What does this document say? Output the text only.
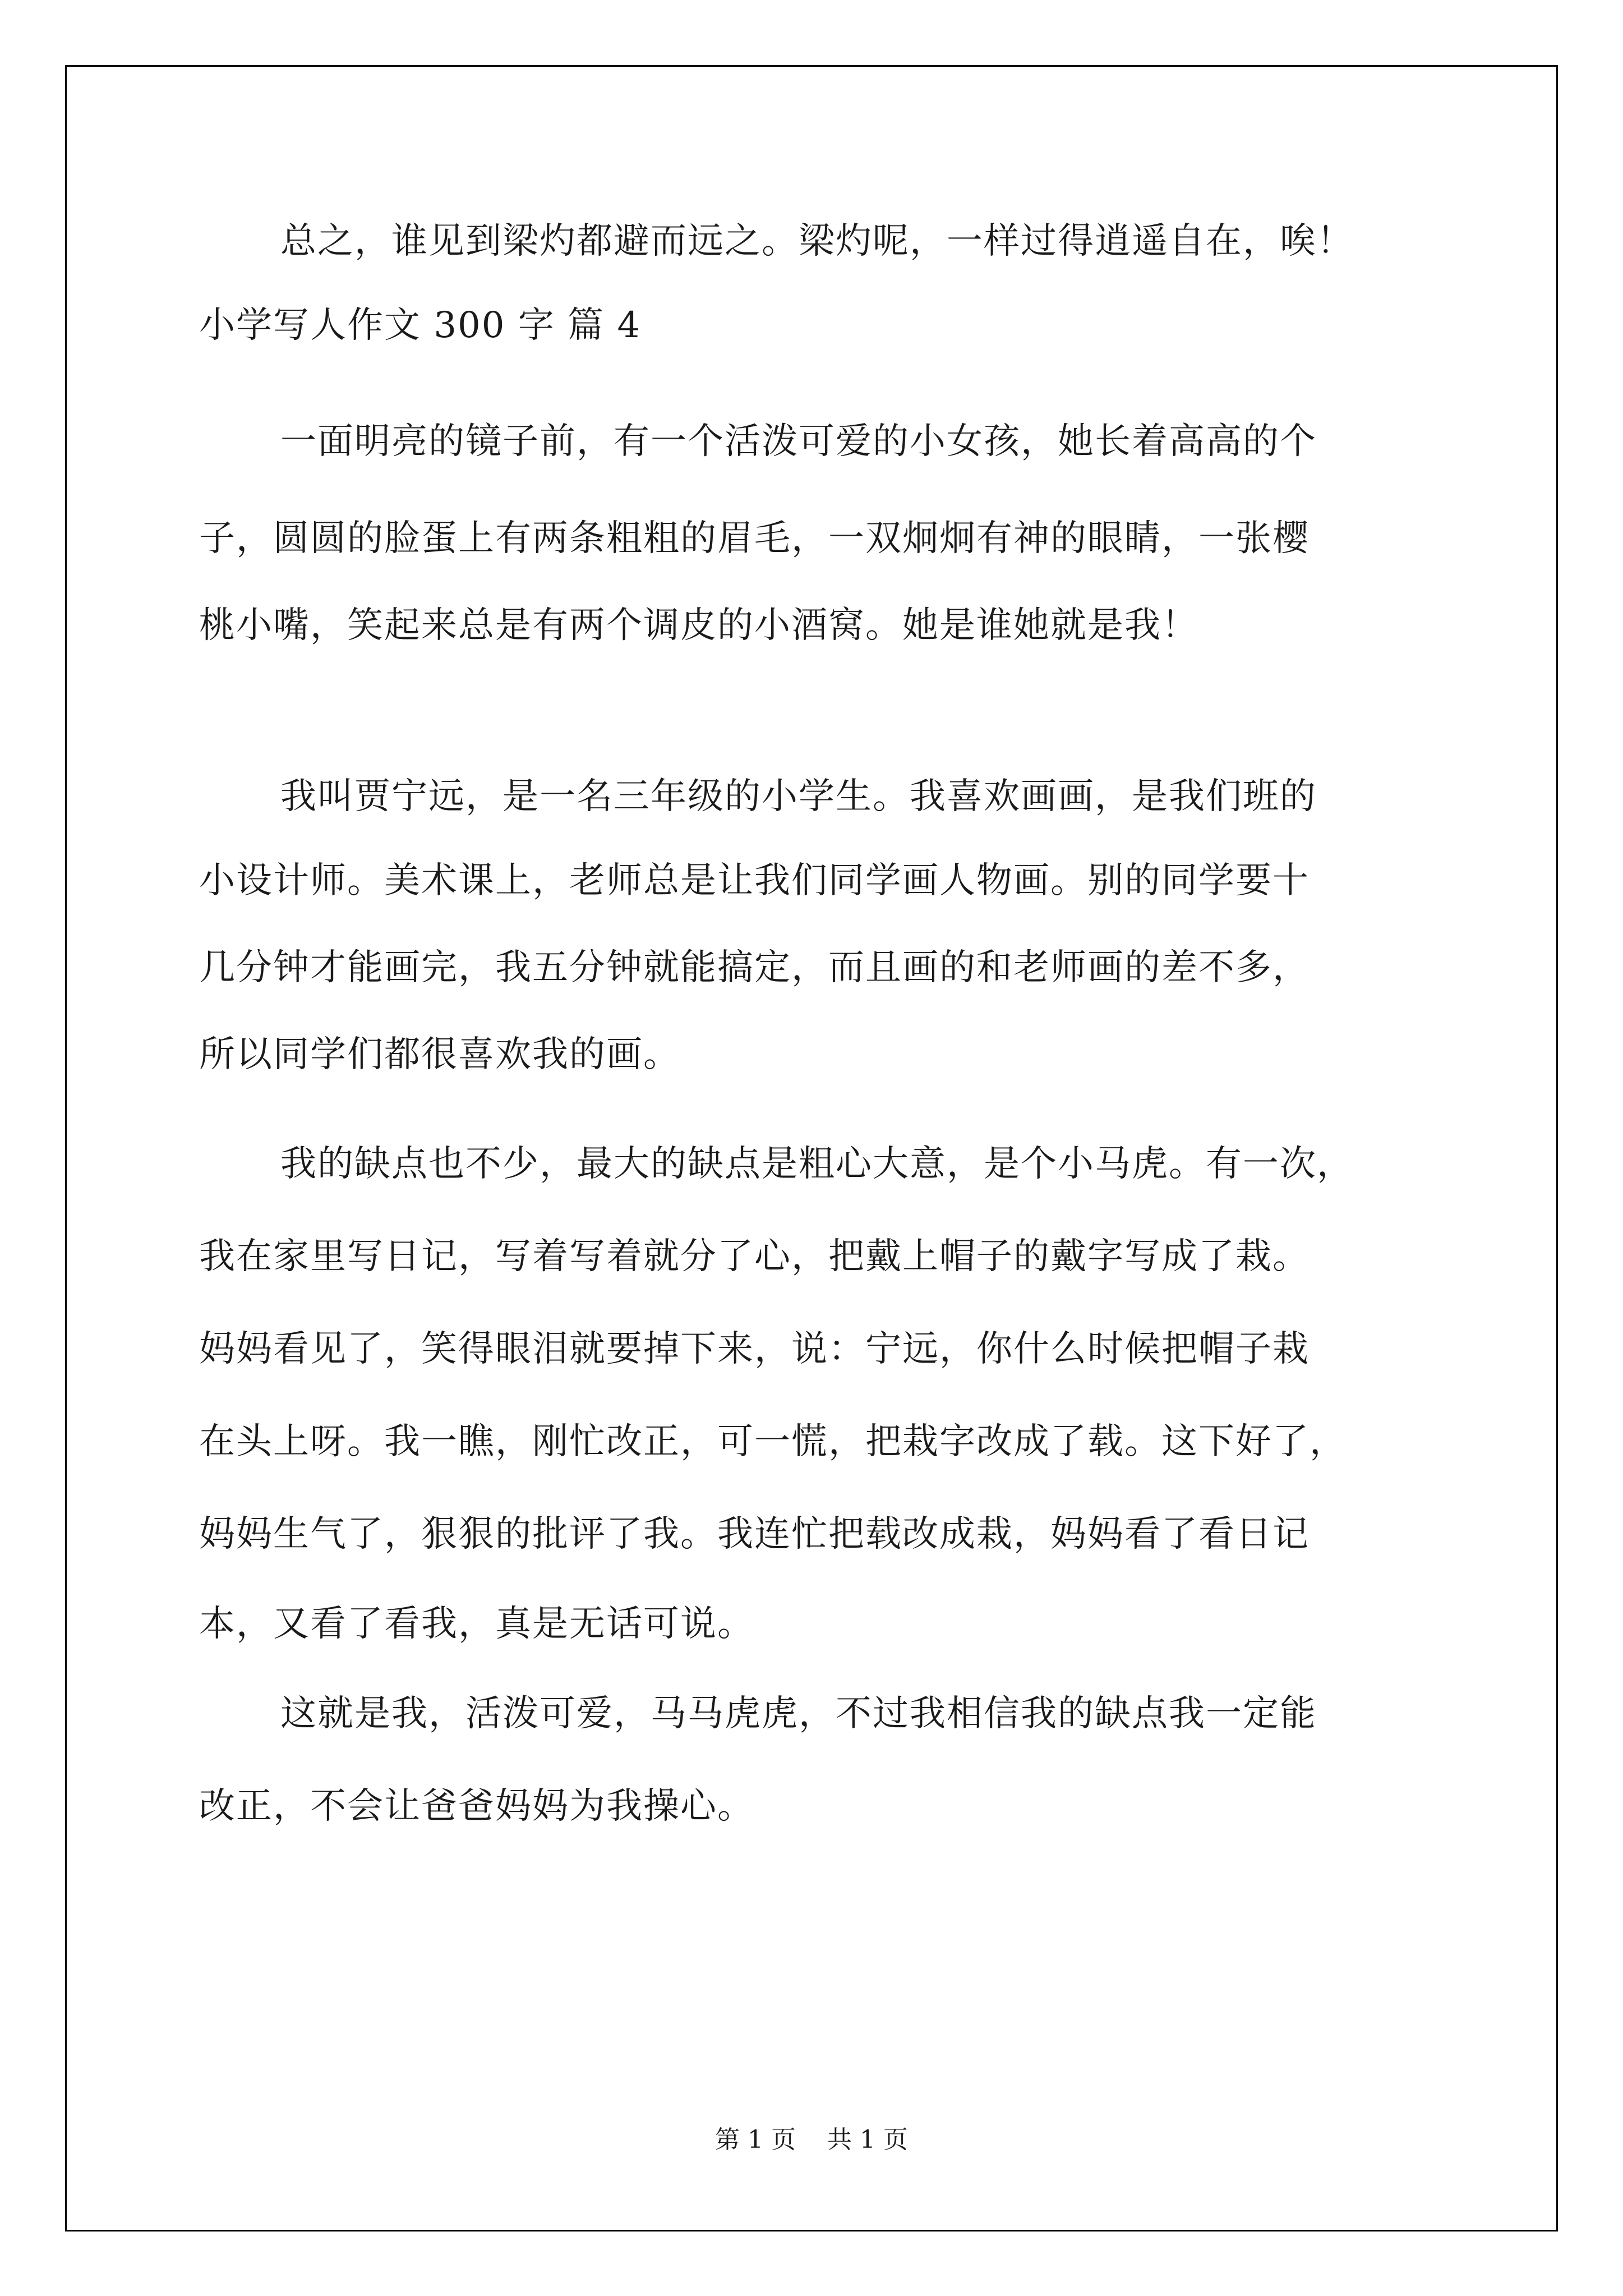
总之，谁见到梁灼都避而远之。梁灼呢，一样过得逍遥自在，唉！

小学写人作文 300 字 篇 4

一面明亮的镜子前，有一个活泼可爱的小女孩，她长着高高的个

子，圆圆的脸蛋上有两条粗粗的眉毛，一双炯炯有神的眼睛，一张樱

桃小嘴，笑起来总是有两个调皮的小酒窝。她是谁她就是我！

我叫贾宁远，是一名三年级的小学生。我喜欢画画，是我们班的

小设计师。美术课上，老师总是让我们同学画人物画。别的同学要十

几分钟才能画完，我五分钟就能搞定，而且画的和老师画的差不多，

所以同学们都很喜欢我的画。

我的缺点也不少，最大的缺点是粗心大意，是个小马虎。有一次，

我在家里写日记，写着写着就分了心，把戴上帽子的戴字写成了栽。

妈妈看见了，笑得眼泪就要掉下来，说：宁远，你什么时候把帽子栽

在头上呀。我一瞧，刚忙改正，可一慌，把栽字改成了载。这下好了，

妈妈生气了，狠狠的批评了我。我连忙把载改成栽，妈妈看了看日记

本，又看了看我，真是无话可说。

这就是我，活泼可爱，马马虎虎，不过我相信我的缺点我一定能

改正，不会让爸爸妈妈为我操心。

第 1 页    共 1 页
